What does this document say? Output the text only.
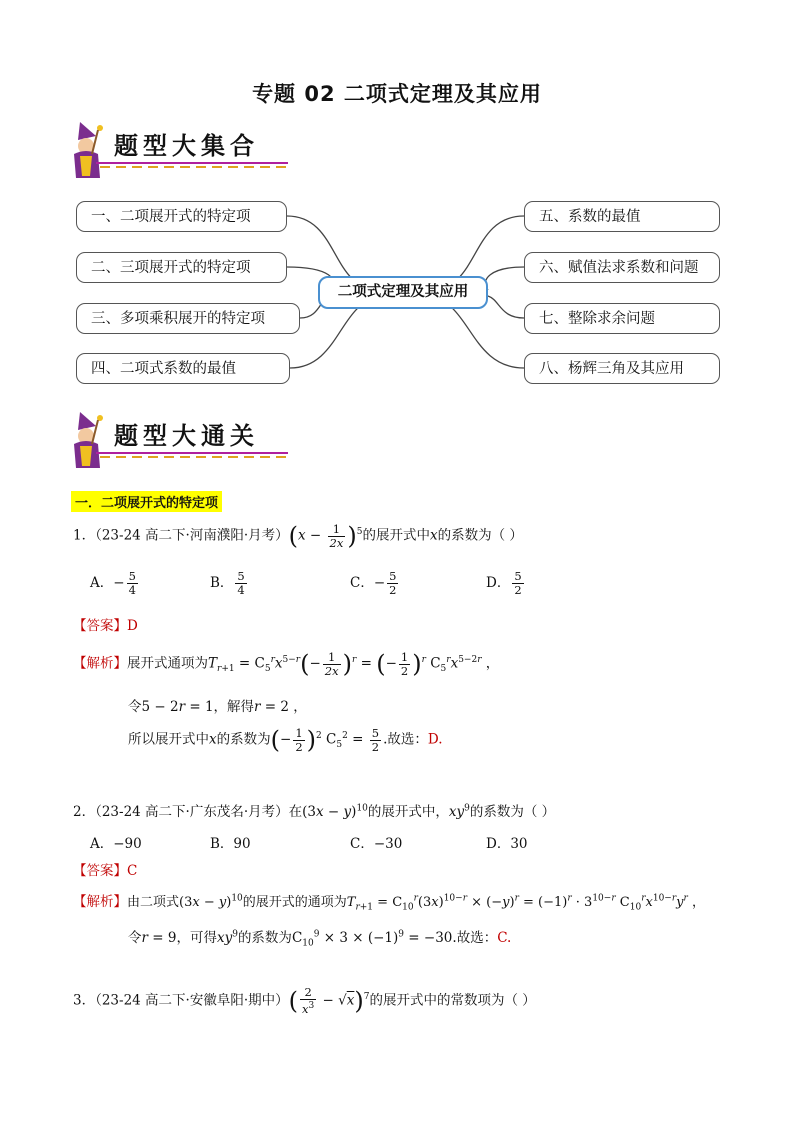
专题 02 二项式定理及其应用
题型大集合
一、二项展开式的特定项
二、三项展开式的特定项
三、多项乘积展开的特定项
四、二项式系数的最值
五、系数的最值
六、赋值法求系数和问题
七、整除求余问题
八、杨辉三角及其应用
二项式定理及其应用
题型大通关
一．二项展开式的特定项
1．（23-24 高二下·河南濮阳·月考）$(x - \frac{1}{2x} )^5$的展开式中x的系数为（ ）
A．− $\frac{5}{4}$	B． $\frac{5}{4}$	C．− $\frac{5}{2}$	D． $\frac{5}{2}$
【答案】D
【解析】展开式通项为$T_{r+1} = C_5^rx^{5-r}(- \frac{1}{2x} )^r$ = (− $\frac{1}{2} )^r$ $C_5^rx^{5-2r}$ ，
令5 − 2r = 1，解得r = 2 ，
所以展开式中x的系数为(− $\frac{1}{2} )^2$ $C_5^2 = \frac{5}{2}$ .故选：D.
2．（23-24 高二下·广东茂名·月考）在$(3x - y)^{10}$的展开式中，$xy^9$的系数为（ ）
A．−90	B．90	C．−30	D．30
【答案】C
【解析】由二项式$(3x - y)^{10}$的展开式的通项为$T_{r+1} = C_{10}^r(3x)^{10-r} \times (-y)^r = (-1)^r \cdot 3^{10-r}$ $C_{10}^rx^{10-r}y^r$ ，
令r = 9，可得$xy^9$的系数为$C_{10}^9 \times 3 \times (-1)^9 = -30$.故选：C.
3．（23-24 高二下·安徽阜阳·期中）( $\frac{2}{x^3} - √x)^7$的展开式中的常数项为（ ）
